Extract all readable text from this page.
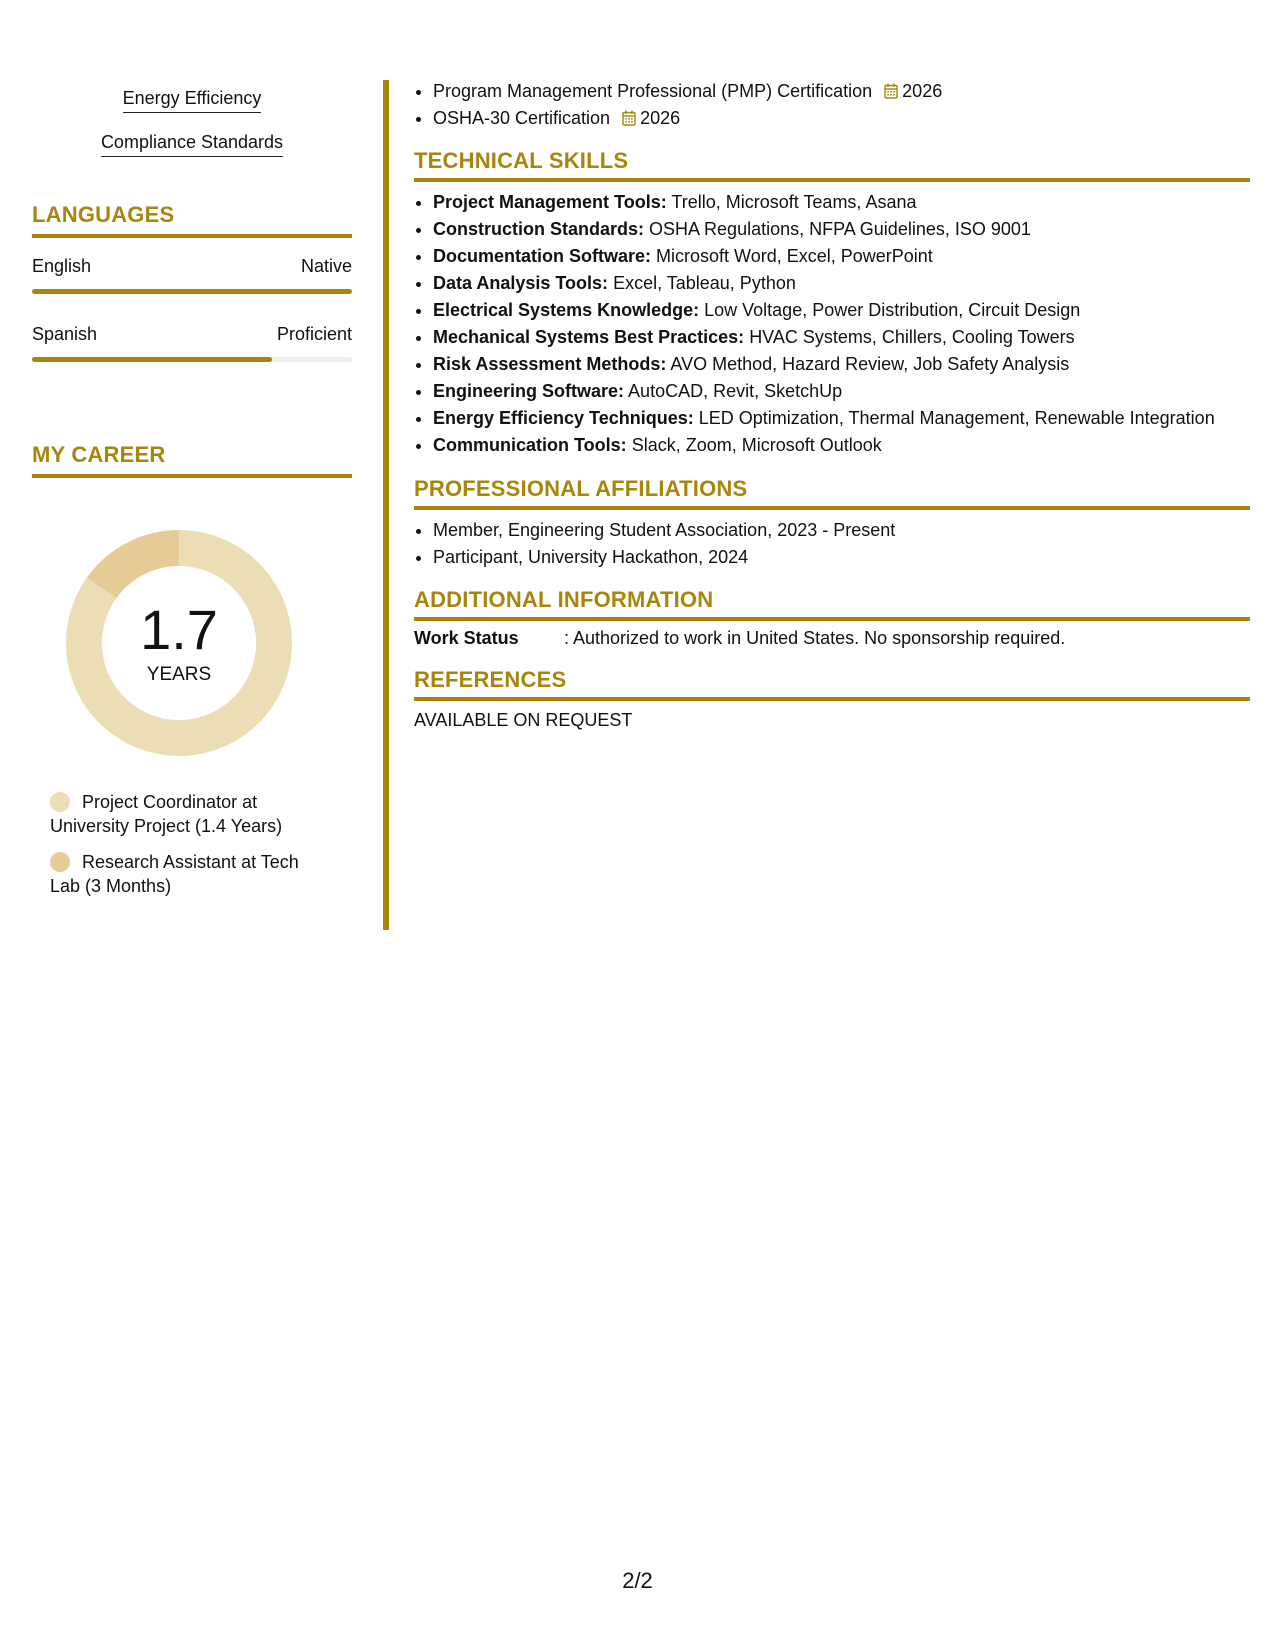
Energy Efficiency
Compliance Standards
LANGUAGES
English	Native
Spanish	Proficient
MY CAREER
1.7
YEARS
Project Coordinator at University Project (1.4 Years)
Research Assistant at Tech Lab (3 Months)
• Program Management Professional (PMP) Certification 2026
• OSHA-30 Certification 2026
TECHNICAL SKILLS
• Project Management Tools: Trello, Microsoft Teams, Asana
• Construction Standards: OSHA Regulations, NFPA Guidelines, ISO 9001
• Documentation Software: Microsoft Word, Excel, PowerPoint
• Data Analysis Tools: Excel, Tableau, Python
• Electrical Systems Knowledge: Low Voltage, Power Distribution, Circuit Design
• Mechanical Systems Best Practices: HVAC Systems, Chillers, Cooling Towers
• Risk Assessment Methods: AVO Method, Hazard Review, Job Safety Analysis
• Engineering Software: AutoCAD, Revit, SketchUp
• Energy Efficiency Techniques: LED Optimization, Thermal Management, Renewable Integration
• Communication Tools: Slack, Zoom, Microsoft Outlook
PROFESSIONAL AFFILIATIONS
• Member, Engineering Student Association, 2023 - Present
• Participant, University Hackathon, 2024
ADDITIONAL INFORMATION
Work Status	: Authorized to work in United States. No sponsorship required.
REFERENCES
AVAILABLE ON REQUEST
2/2
